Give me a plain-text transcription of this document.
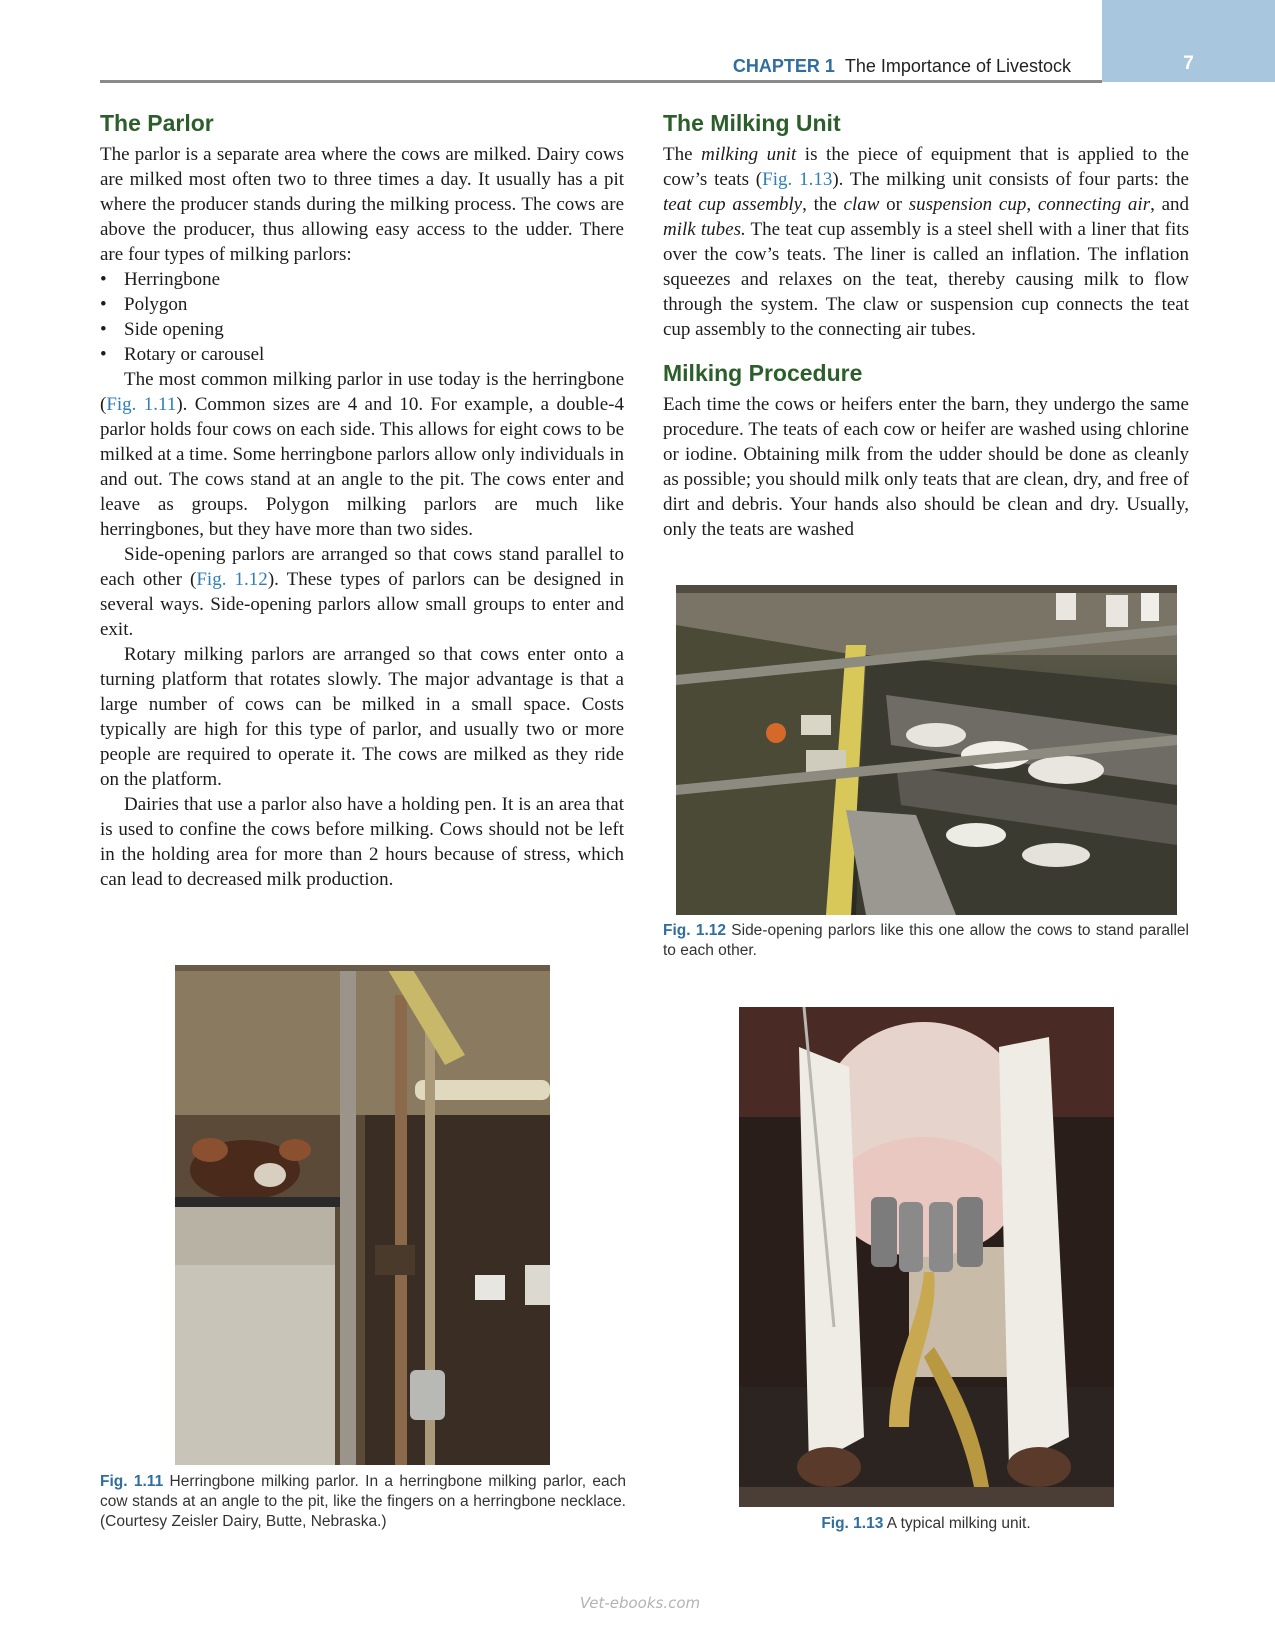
7
CHAPTER 1 The Importance of Livestock
The Parlor

The parlor is a separate area where the cows are milked. Dairy cows are milked most often two to three times a day. It usually has a pit where the producer stands during the milking process. The cows are above the producer, thus allowing easy access to the udder. There are four types of milking parlors:

• Herringbone
• Polygon
• Side opening
• Rotary or carousel

The most common milking parlor in use today is the herringbone (Fig. 1.11). Common sizes are 4 and 10. For example, a double-4 parlor holds four cows on each side. This allows for eight cows to be milked at a time. Some herringbone parlors allow only individuals in and out. The cows stand at an angle to the pit. The cows enter and leave as groups. Polygon milking parlors are much like herringbones, but they have more than two sides.

Side-opening parlors are arranged so that cows stand parallel to each other (Fig. 1.12). These types of parlors can be designed in several ways. Side-opening parlors allow small groups to enter and exit.

Rotary milking parlors are arranged so that cows enter onto a turning platform that rotates slowly. The major advantage is that a large number of cows can be milked in a small space. Costs typically are high for this type of parlor, and usually two or more people are required to operate it. The cows are milked as they ride on the platform.

Dairies that use a parlor also have a holding pen. It is an area that is used to confine the cows before milking. Cows should not be left in the holding area for more than 2 hours because of stress, which can lead to decreased milk production.

The Milking Unit

The milking unit is the piece of equipment that is applied to the cow’s teats (Fig. 1.13). The milking unit consists of four parts: the teat cup assembly, the claw or suspension cup, connecting air, and milk tubes. The teat cup assembly is a steel shell with a liner that fits over the cow’s teats. The liner is called an inflation. The inflation squeezes and relaxes on the teat, thereby causing milk to flow through the system. The claw or suspension cup connects the teat cup assembly to the connecting air tubes.

Milking Procedure

Each time the cows or heifers enter the barn, they undergo the same procedure. The teats of each cow or heifer are washed using chlorine or iodine. Obtaining milk from the udder should be done as cleanly as possible; you should milk only teats that are clean, dry, and free of dirt and debris. Your hands also should be clean and dry. Usually, only the teats are washed

Fig. 1.12 Side-opening parlors like this one allow the cows to stand parallel to each other.
Fig. 1.11 Herringbone milking parlor. In a herringbone milking parlor, each cow stands at an angle to the pit, like the fingers on a herringbone necklace. (Courtesy Zeisler Dairy, Butte, Nebraska.)	Fig. 1.13 A typical milking unit.
Vet-ebooks.com
